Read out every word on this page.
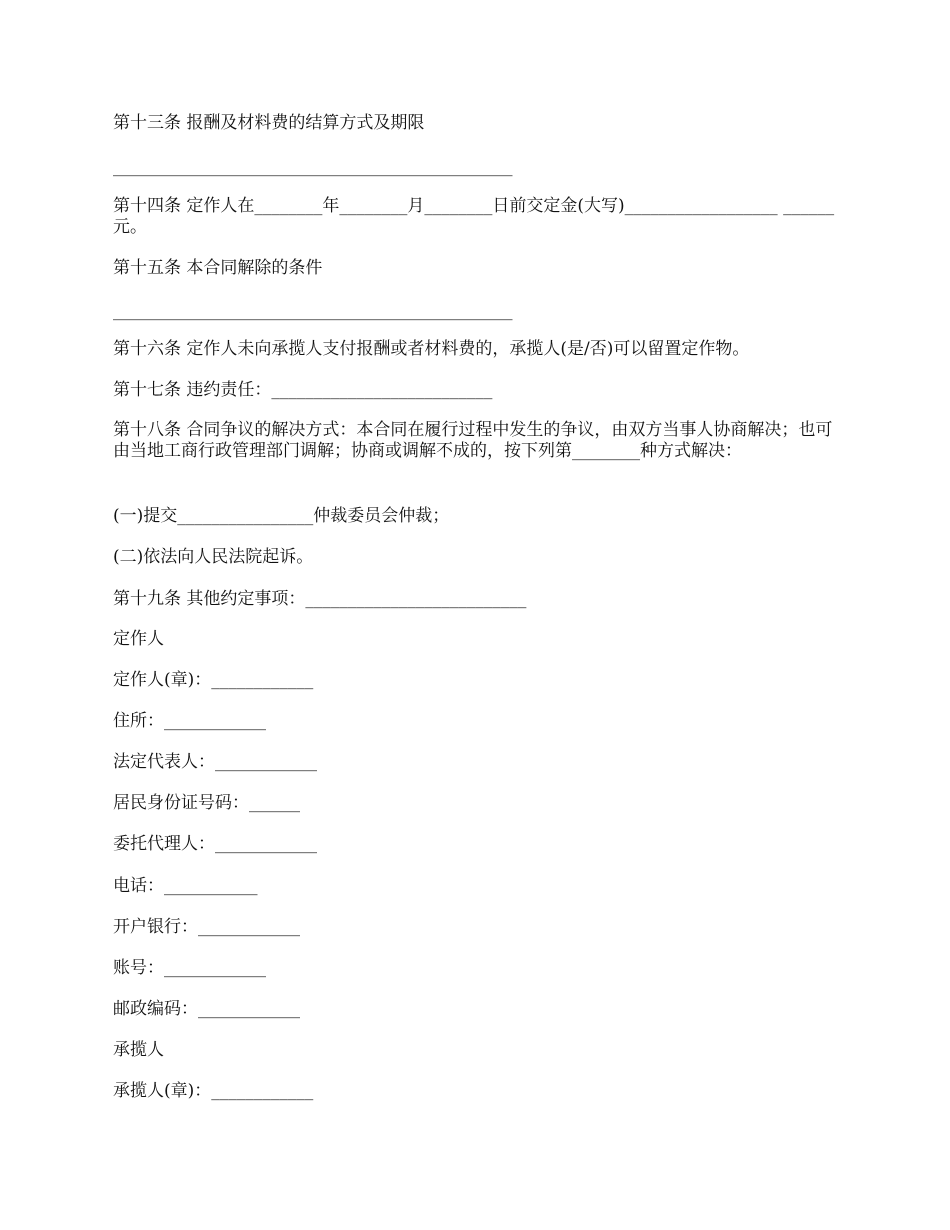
第十三条 报酬及材料费的结算方式及期限

_______________________________________________

第十四条 定作人在________年________月________日前交定金(大写)__________________ ______元。

第十五条 本合同解除的条件

_______________________________________________

第十六条 定作人未向承揽人支付报酬或者材料费的，承揽人(是/否)可以留置定作物。

第十七条 违约责任：__________________________

第十八条 合同争议的解决方式：本合同在履行过程中发生的争议，由双方当事人协商解决；也可由当地工商行政管理部门调解；协商或调解不成的，按下列第________种方式解决：

(一)提交________________仲裁委员会仲裁；

(二)依法向人民法院起诉。

第十九条 其他约定事项：__________________________

定作人

定作人(章)：____________

住所：____________

法定代表人：____________

居民身份证号码：______

委托代理人：____________

电话：___________

开户银行：____________

账号：____________

邮政编码：____________

承揽人

承揽人(章)：____________
